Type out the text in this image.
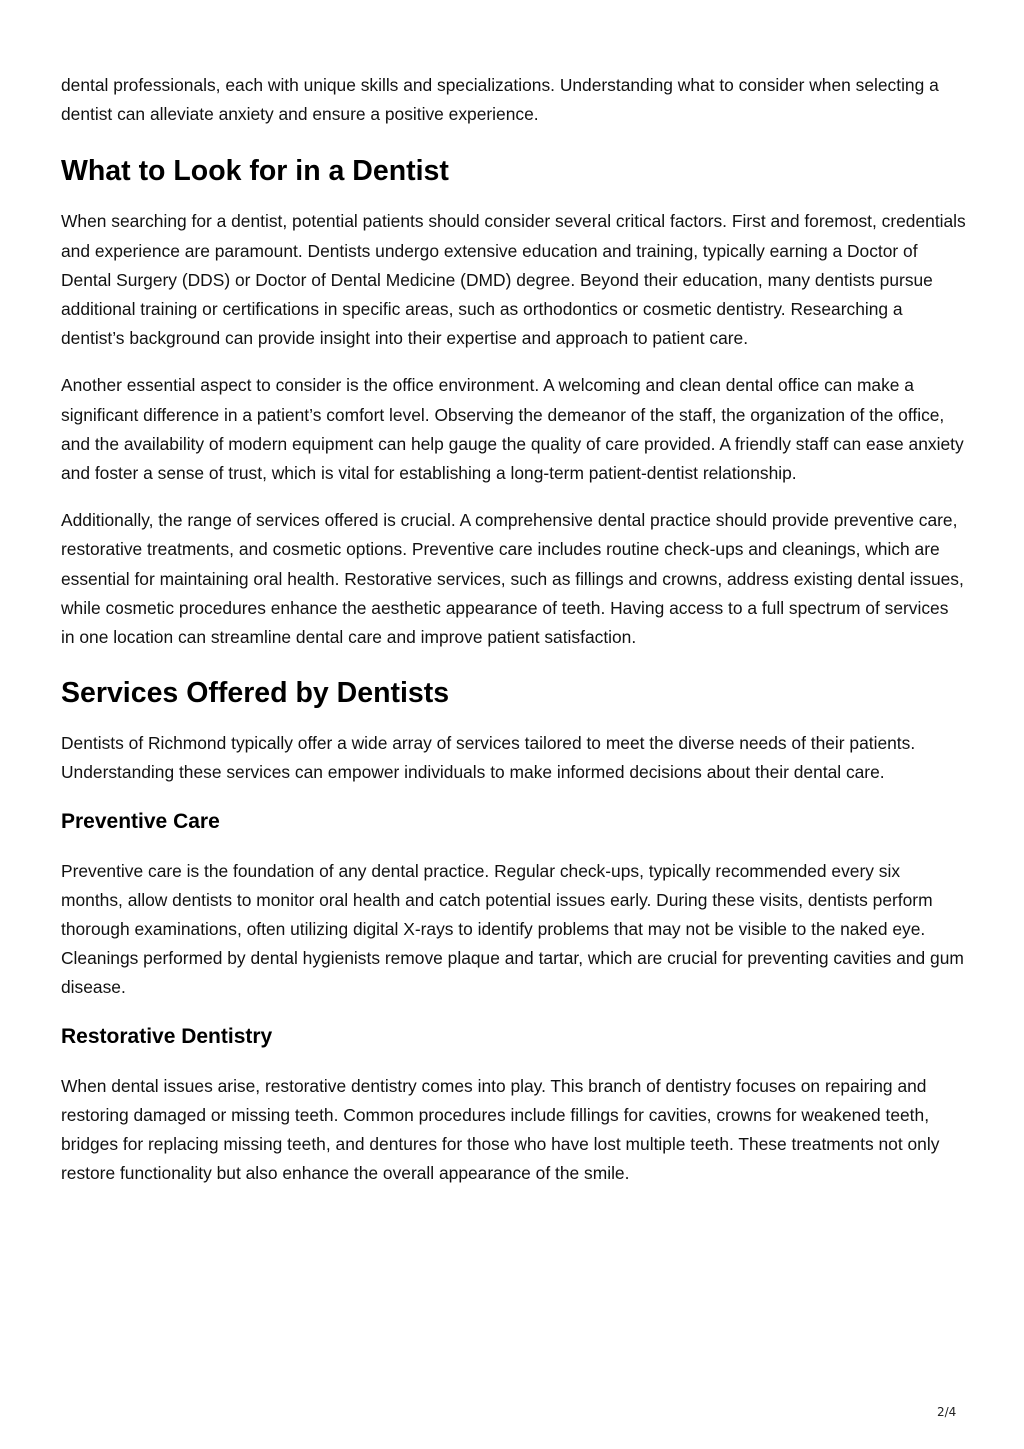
dental professionals, each with unique skills and specializations. Understanding what to consider when selecting a dentist can alleviate anxiety and ensure a positive experience.

What to Look for in a Dentist

When searching for a dentist, potential patients should consider several critical factors. First and foremost, credentials and experience are paramount. Dentists undergo extensive education and training, typically earning a Doctor of Dental Surgery (DDS) or Doctor of Dental Medicine (DMD) degree. Beyond their education, many dentists pursue additional training or certifications in specific areas, such as orthodontics or cosmetic dentistry. Researching a dentist’s background can provide insight into their expertise and approach to patient care.

Another essential aspect to consider is the office environment. A welcoming and clean dental office can make a significant difference in a patient’s comfort level. Observing the demeanor of the staff, the organization of the office, and the availability of modern equipment can help gauge the quality of care provided. A friendly staff can ease anxiety and foster a sense of trust, which is vital for establishing a long-term patient-dentist relationship.

Additionally, the range of services offered is crucial. A comprehensive dental practice should provide preventive care, restorative treatments, and cosmetic options. Preventive care includes routine check-ups and cleanings, which are essential for maintaining oral health. Restorative services, such as fillings and crowns, address existing dental issues, while cosmetic procedures enhance the aesthetic appearance of teeth. Having access to a full spectrum of services in one location can streamline dental care and improve patient satisfaction.

Services Offered by Dentists

Dentists of Richmond typically offer a wide array of services tailored to meet the diverse needs of their patients. Understanding these services can empower individuals to make informed decisions about their dental care.

Preventive Care

Preventive care is the foundation of any dental practice. Regular check-ups, typically recommended every six months, allow dentists to monitor oral health and catch potential issues early. During these visits, dentists perform thorough examinations, often utilizing digital X-rays to identify problems that may not be visible to the naked eye. Cleanings performed by dental hygienists remove plaque and tartar, which are crucial for preventing cavities and gum disease.

Restorative Dentistry

When dental issues arise, restorative dentistry comes into play. This branch of dentistry focuses on repairing and restoring damaged or missing teeth. Common procedures include fillings for cavities, crowns for weakened teeth, bridges for replacing missing teeth, and dentures for those who have lost multiple teeth. These treatments not only restore functionality but also enhance the overall appearance of the smile.

2/4
